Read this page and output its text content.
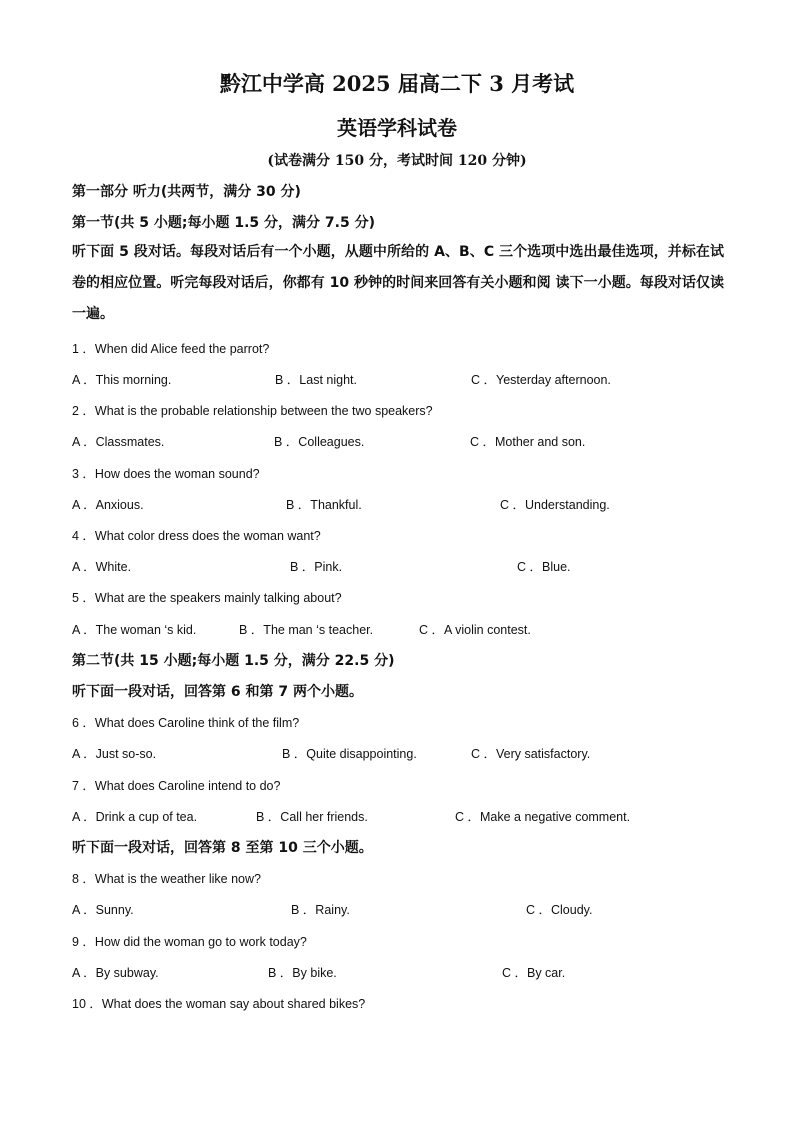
黔江中学高 2025 届高二下 3 月考试
英语学科试卷
(试卷满分 150 分，考试时间 120 分钟)
第一部分 听力(共两节，满分 30 分)
第一节(共 5 小题;每小题 1.5 分，满分 7.5 分)
听下面 5 段对话。每段对话后有一个小题，从题中所给的 A、B、C 三个选项中选出最佳选项，并标在试卷的相应位置。听完每段对话后，你都有 10 秒钟的时间来回答有关小题和阅 读下一小题。每段对话仅读一遍。
1 ．When did Alice feed the parrot?
A ．This morning.	B ．Last night.	C ．Yesterday afternoon.
2 ．What is the probable relationship between the two speakers?
A ．Classmates.	B ．Colleagues.	C ．Mother and son.
3 ．How does the woman sound?
A ．Anxious.	B ．Thankful.	C ．Understanding.
4 ．What color dress does the woman want?
A ．White.	B ．Pink.	C ．Blue.
5 ．What are the speakers mainly talking about?
A ．The woman ‘s kid.	B ．The man ‘s teacher.	C ．A violin contest.
第二节(共 15 小题;每小题 1.5 分，满分 22.5 分)
听下面一段对话，回答第 6 和第 7 两个小题。
6 ．What does Caroline think of the film?
A ．Just so-so.	B ．Quite disappointing.	C ．Very satisfactory.
7 ．What does Caroline intend to do?
A ．Drink a cup of tea.	B ．Call her friends.	C ．Make a negative comment.
听下面一段对话，回答第 8 至第 10 三个小题。
8 ．What is the weather like now?
A ．Sunny.	B ．Rainy.	C ．Cloudy.
9 ．How did the woman go to work today?
A ．By subway.	B ．By bike.	C ．By car.
10 ．What does the woman say about shared bikes?
